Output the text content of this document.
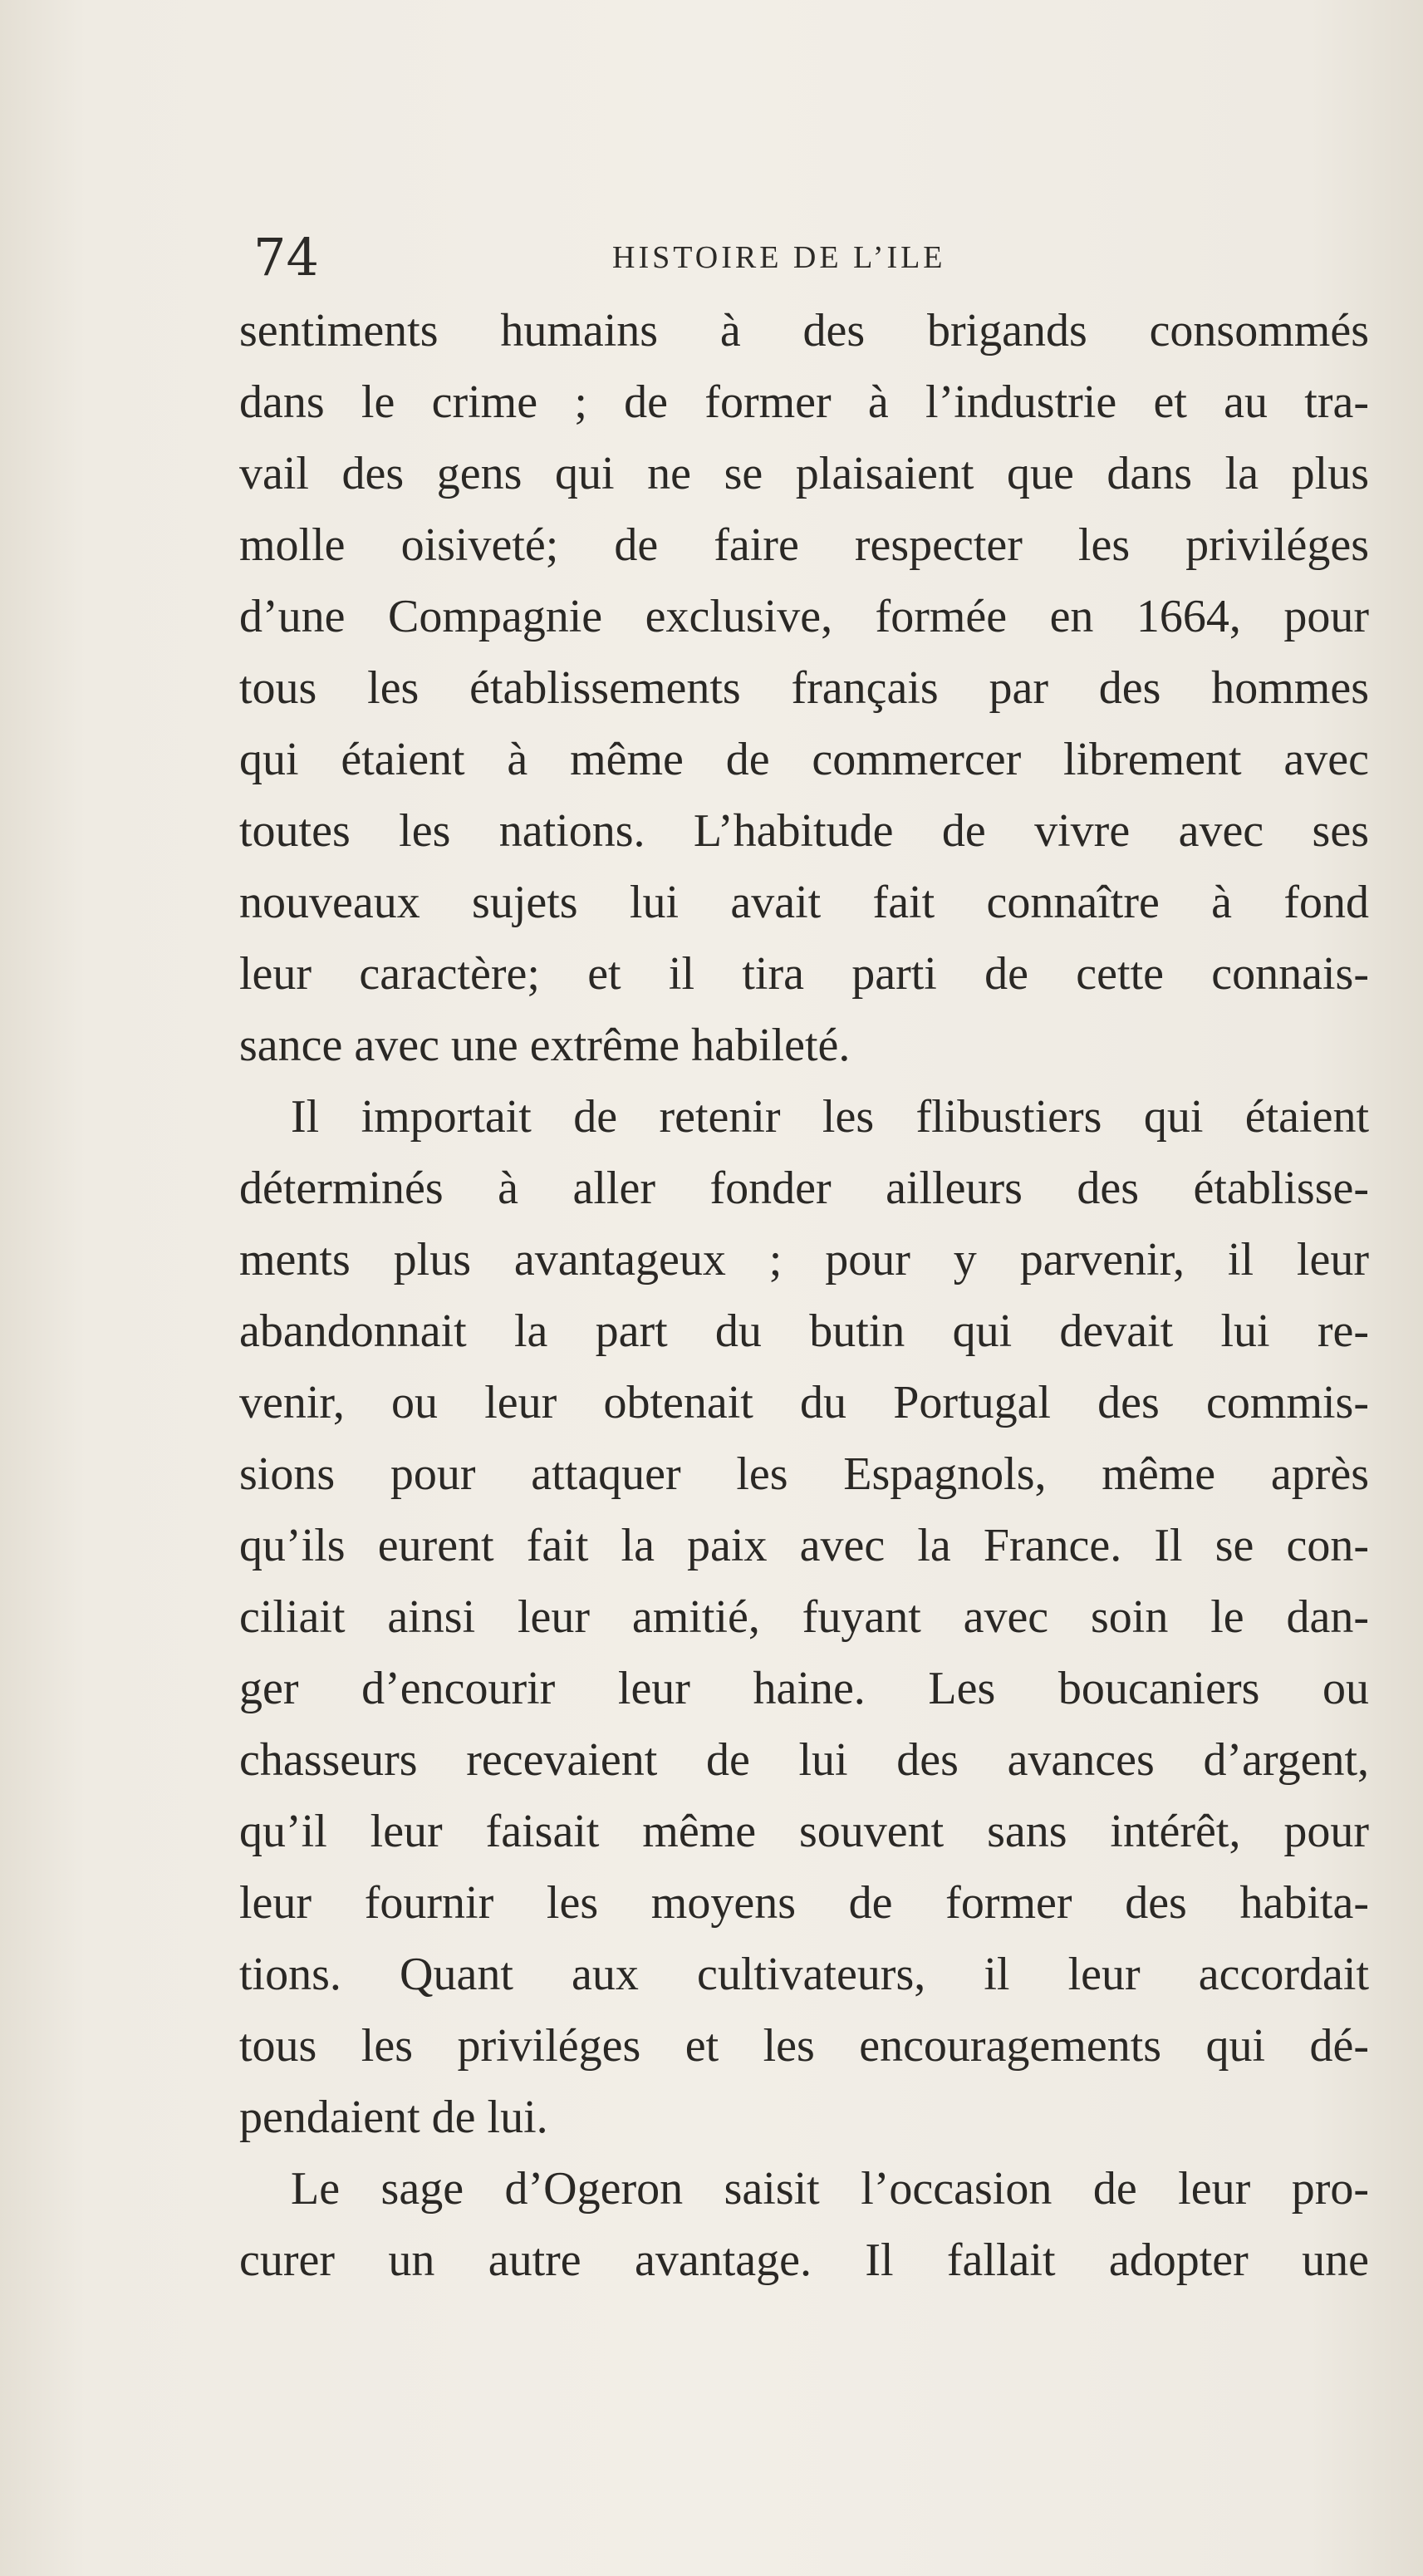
74	HISTOIRE DE L’ILE
sentiments humains à des brigands consommés
dans le crime ; de former à l’industrie et au tra-
vail des gens qui ne se plaisaient que dans la plus
molle oisiveté; de faire respecter les priviléges
d’une Compagnie exclusive, formée en 1664, pour
tous les établissements français par des hommes
qui étaient à même de commercer librement avec
toutes les nations. L’habitude de vivre avec ses
nouveaux sujets lui avait fait connaître à fond
leur caractère; et il tira parti de cette connais-
sance avec une extrême habileté.
Il importait de retenir les flibustiers qui étaient
déterminés à aller fonder ailleurs des établisse-
ments plus avantageux ; pour y parvenir, il leur
abandonnait la part du butin qui devait lui re-
venir, ou leur obtenait du Portugal des commis-
sions pour attaquer les Espagnols, même après
qu’ils eurent fait la paix avec la France. Il se con-
ciliait ainsi leur amitié, fuyant avec soin le dan-
ger d’encourir leur haine. Les boucaniers ou
chasseurs recevaient de lui des avances d’argent,
qu’il leur faisait même souvent sans intérêt, pour
leur fournir les moyens de former des habita-
tions. Quant aux cultivateurs, il leur accordait
tous les priviléges et les encouragements qui dé-
pendaient de lui.
Le sage d’Ogeron saisit l’occasion de leur pro-
curer un autre avantage. Il fallait adopter une
